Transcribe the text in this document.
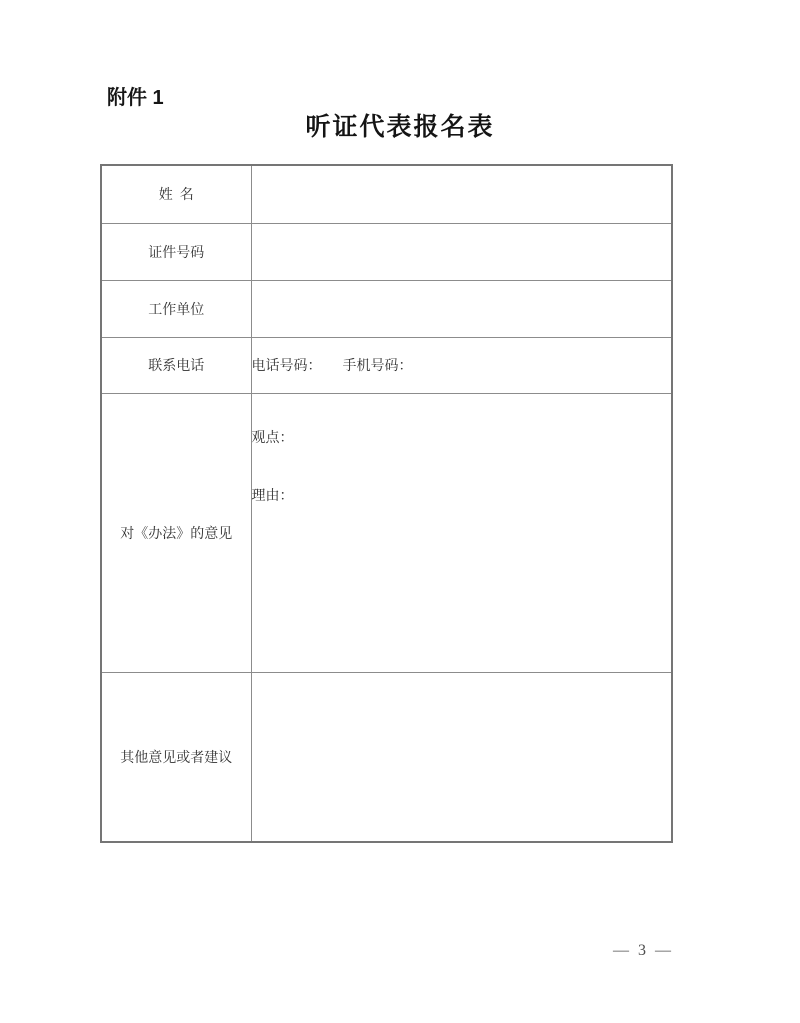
附件 1
听证代表报名表
姓  名	
证件号码	
工作单位	
联系电话	电话号码：      手机号码：
对《办法》的意见	观点：

理由：

其他意见或者建议	
— 3 —
